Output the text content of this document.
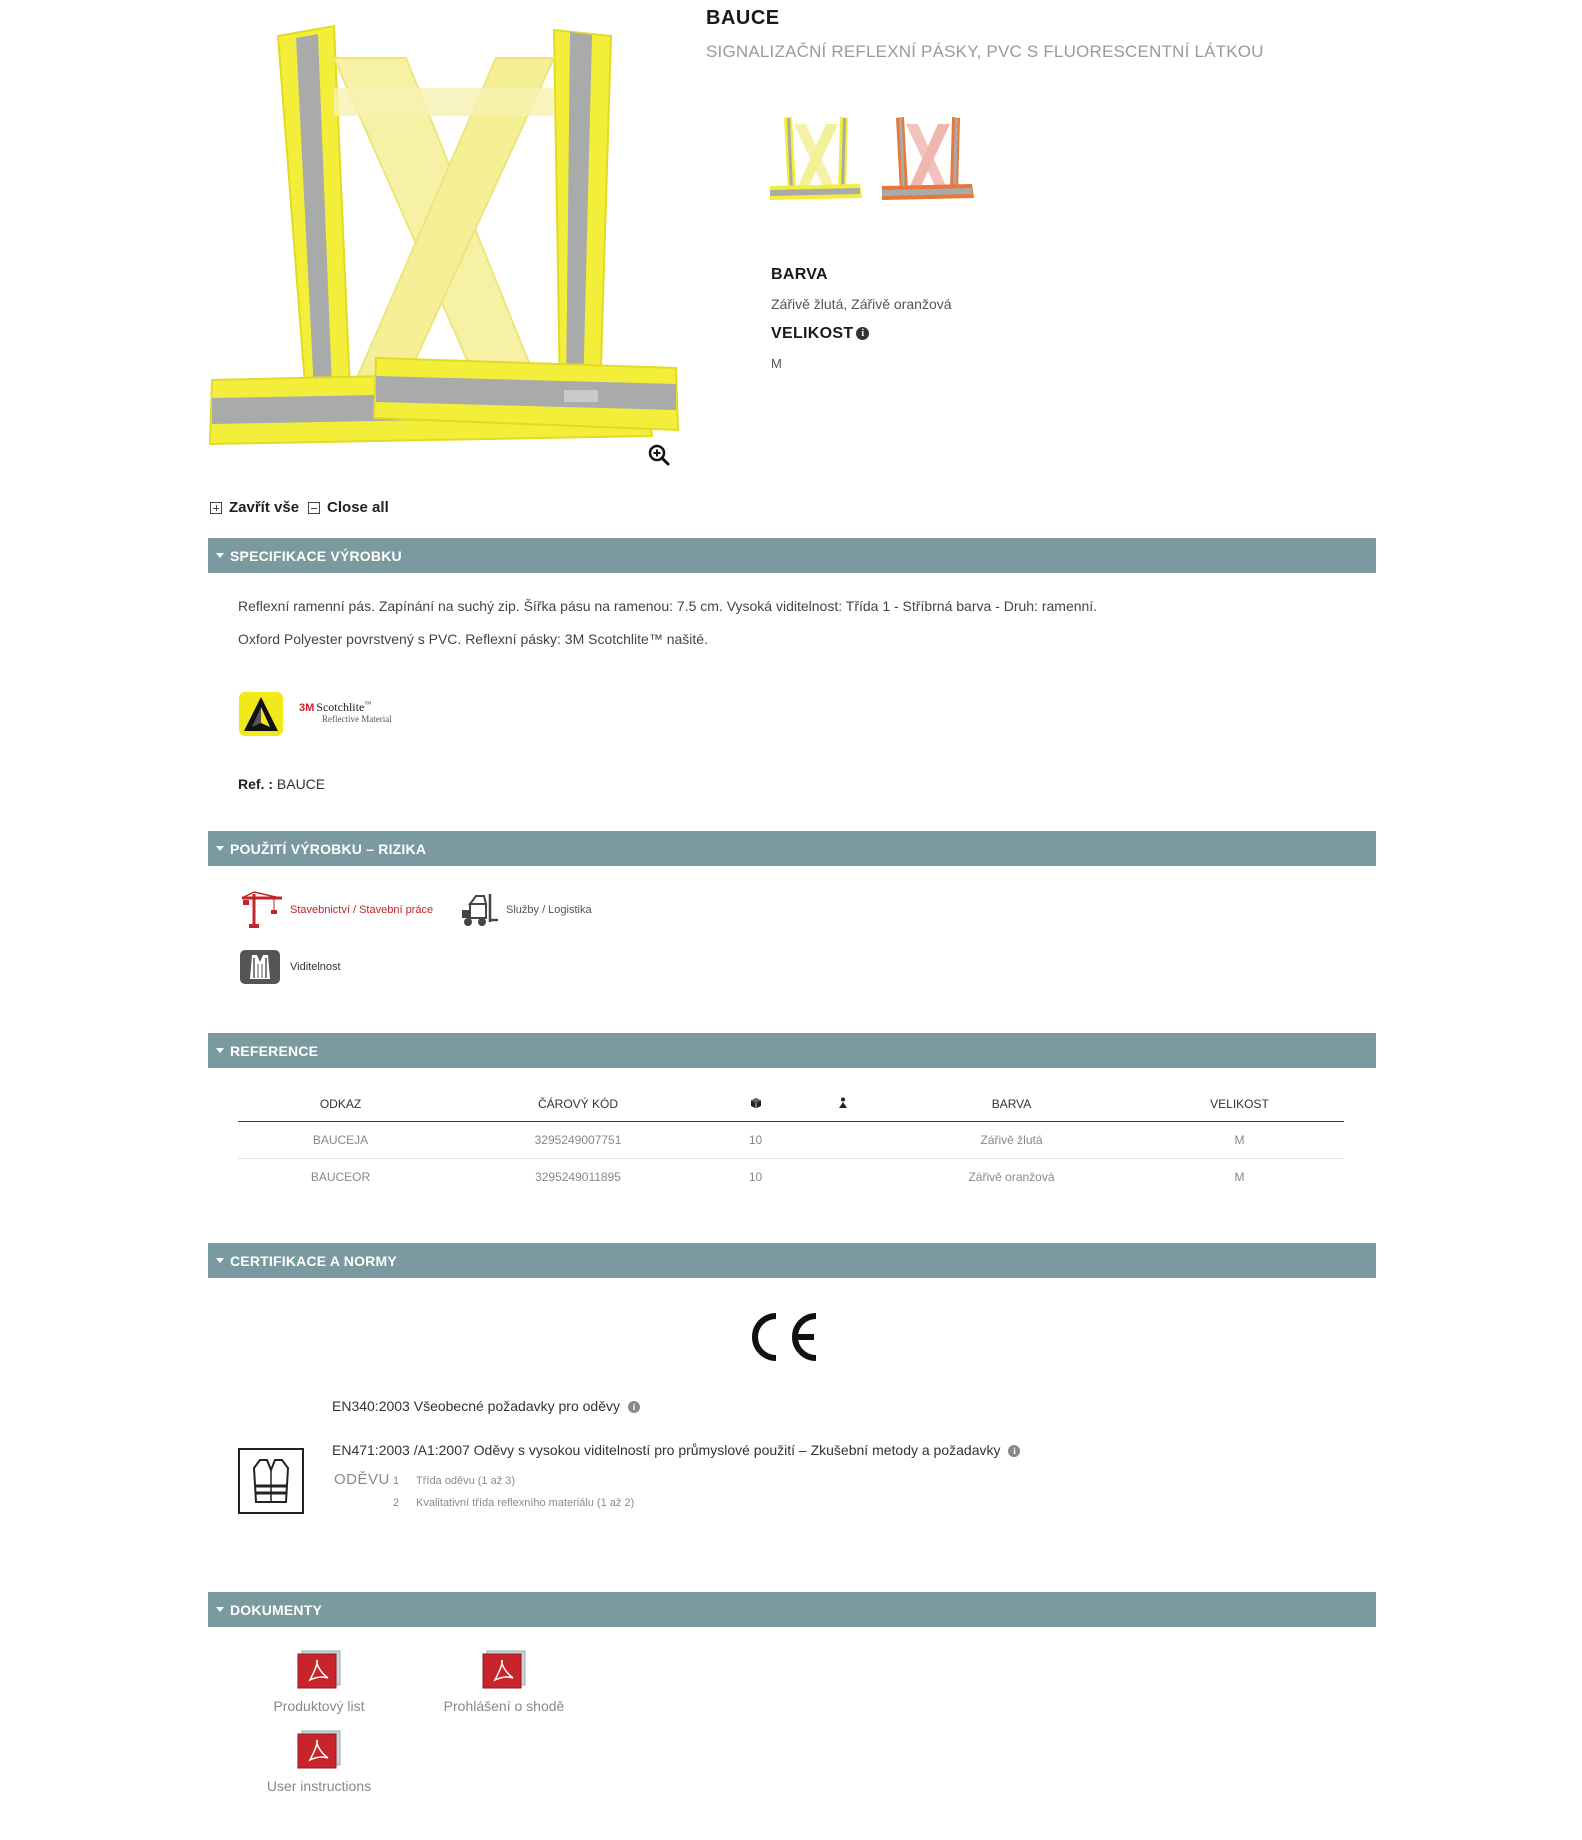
BAUCE
SIGNALIZAČNÍ REFLEXNÍ PÁSKY, PVC S FLUORESCENTNÍ LÁTKOU
BARVA
Zářivě žlutá, Zářivě oranžová
VELIKOST i
M
Zavřít vše Close all
SPECIFIKACE VÝROBKU
Reflexní ramenní pás. Zapínání na suchý zip. Šířka pásu na ramenou: 7.5 cm. Vysoká viditelnost: Třída 1 - Stříbrná barva - Druh: ramenní.
Oxford Polyester povrstvený s PVC. Reflexní pásky: 3M Scotchlite™ našité.
3M Scotchlite™
Reflective Material
Ref. : BAUCE
POUŽITÍ VÝROBKU – RIZIKA
Stavebnictví / Stavební práce	Služby / Logistika
Viditelnost
REFERENCE
ODKAZ	ČÁROVÝ KÓD			BARVA	VELIKOST
BAUCEJA	3295249007751	10		Zářivě žlutá	M
BAUCEOR	3295249011895	10		Zářivě oranžová	M
CERTIFIKACE A NORMY
EN340:2003 Všeobecné požadavky pro oděvy i
EN471:2003 /A1:2007 Oděvy s vysokou viditelností pro průmyslové použití – Zkušební metody a požadavky i
ODĚVU 1 Třída oděvu (1 až 3)
2 Kvalitativní třída reflexního materiálu (1 až 2)
DOKUMENTY
Produktový list	Prohlášení o shodě
User instructions
